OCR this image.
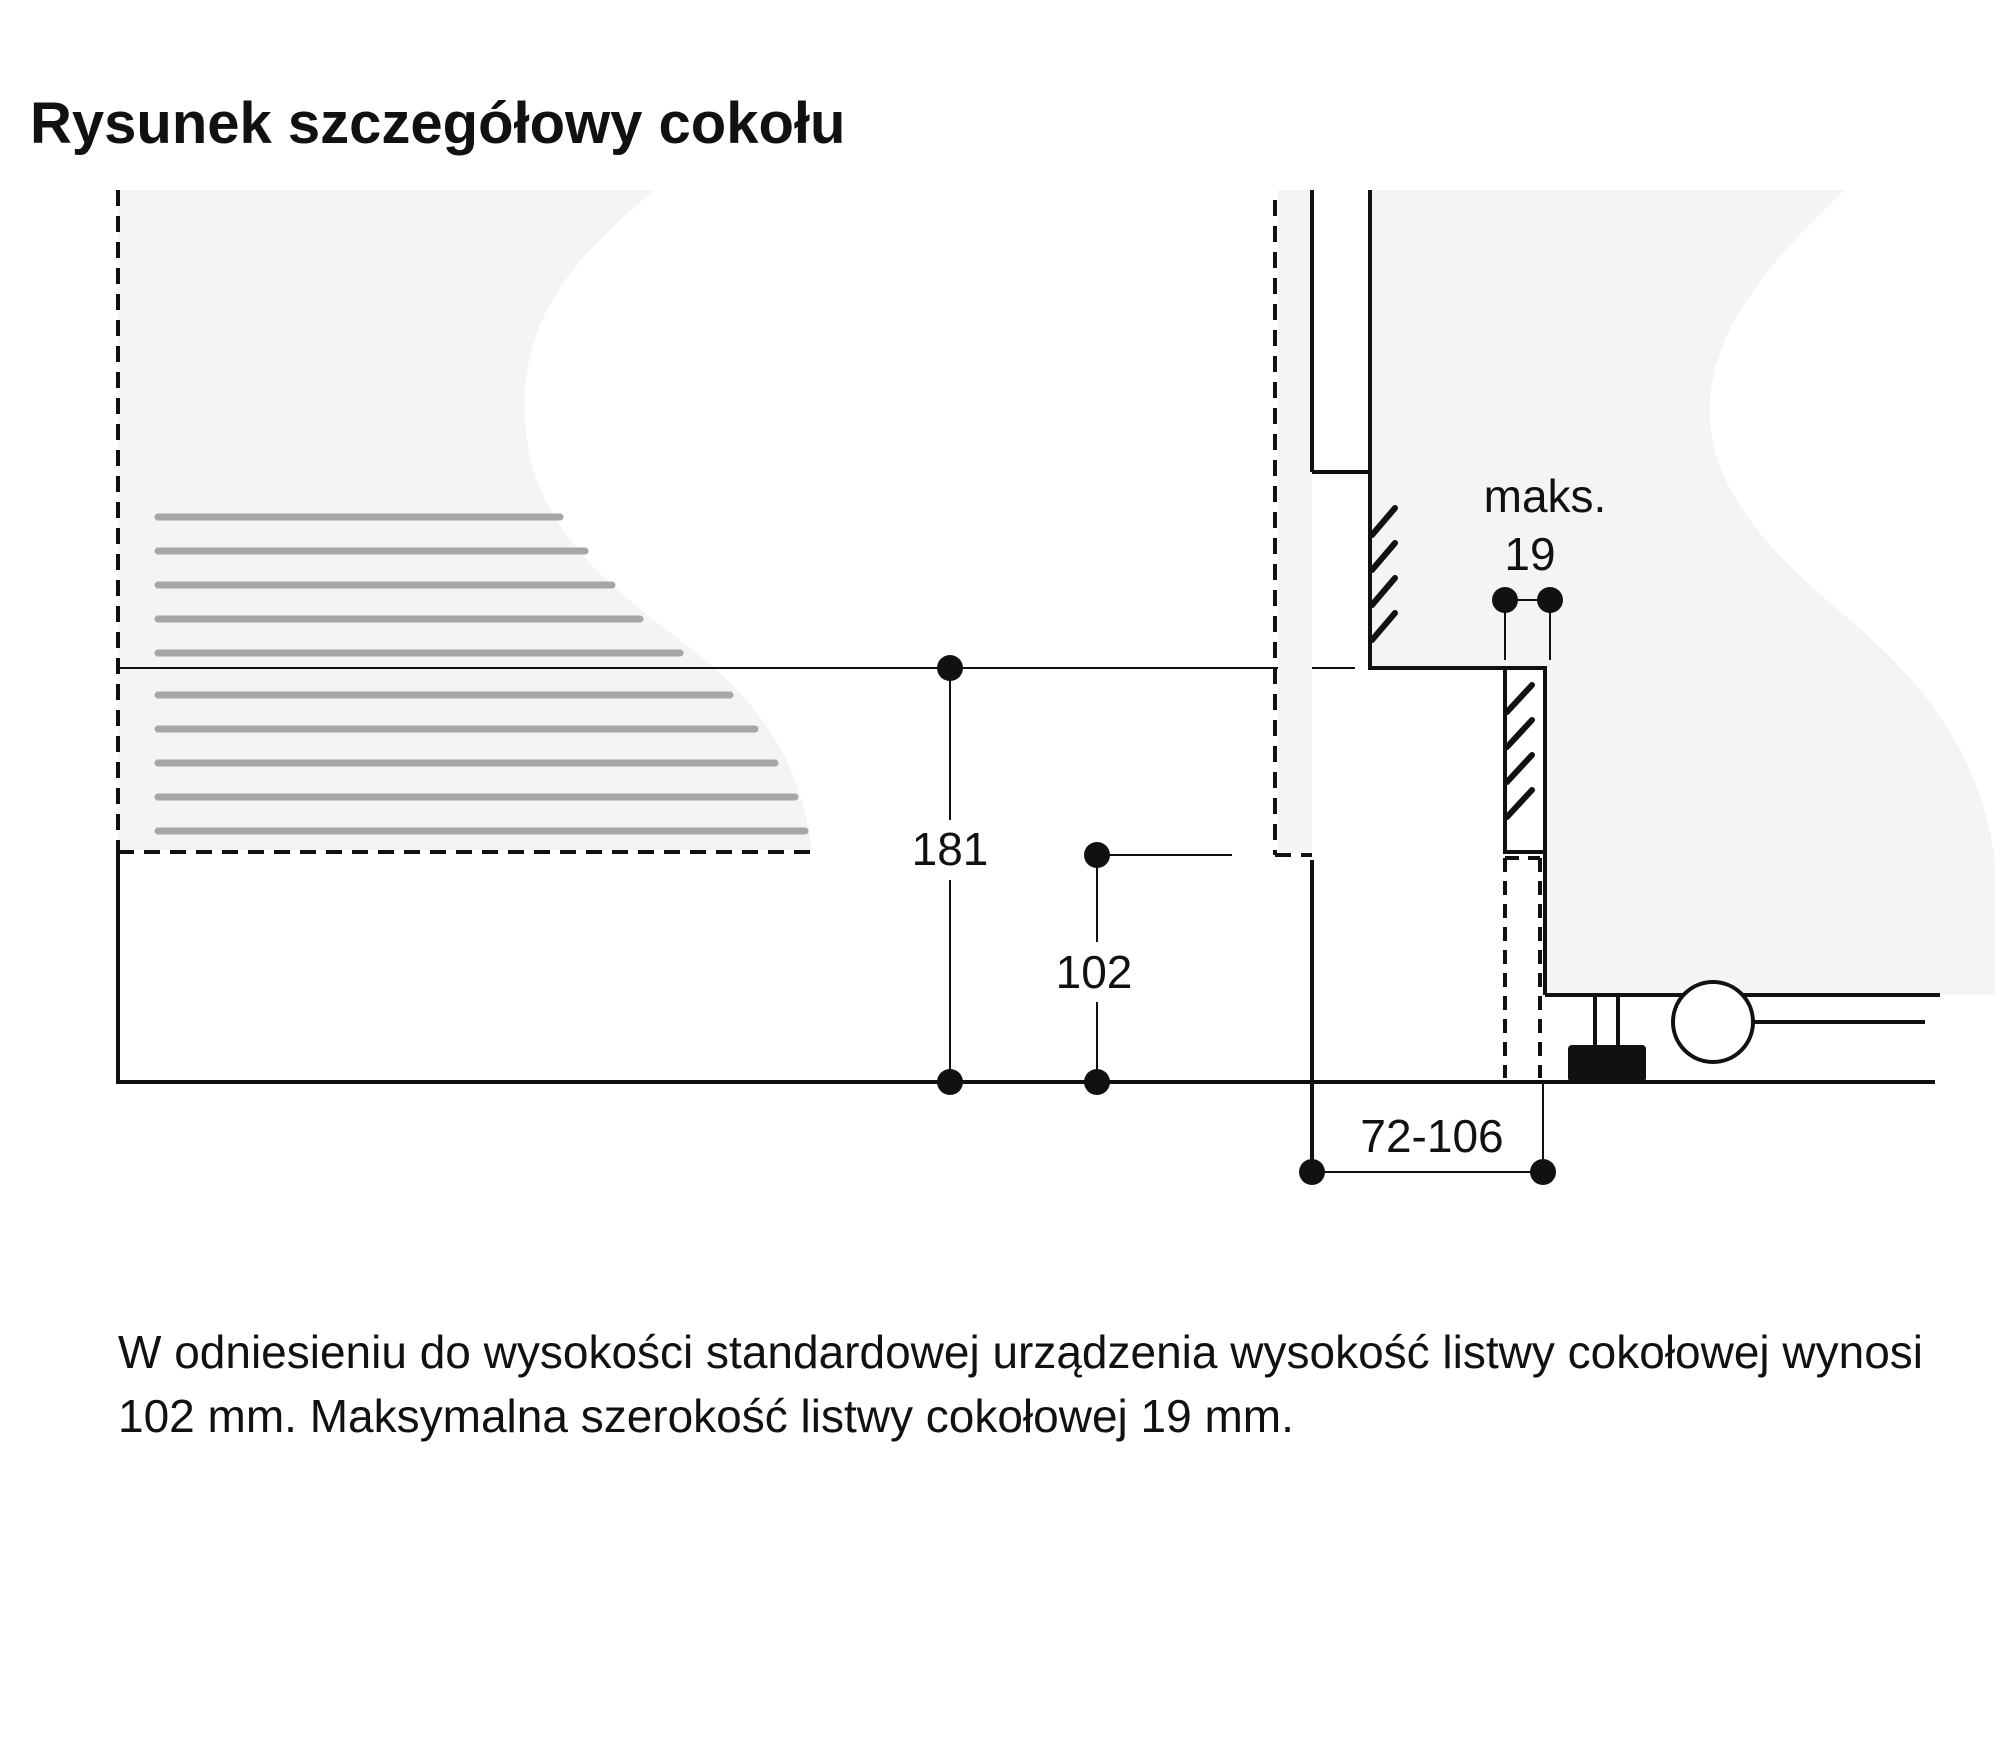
Rysunek szczegółowy cokołu
181
102
maks.
19
72-106

W odniesieniu do wysokości standardowej urządzenia wysokość listwy cokołowej wynosi 102 mm. Maksymalna szerokość listwy cokołowej 19 mm.
